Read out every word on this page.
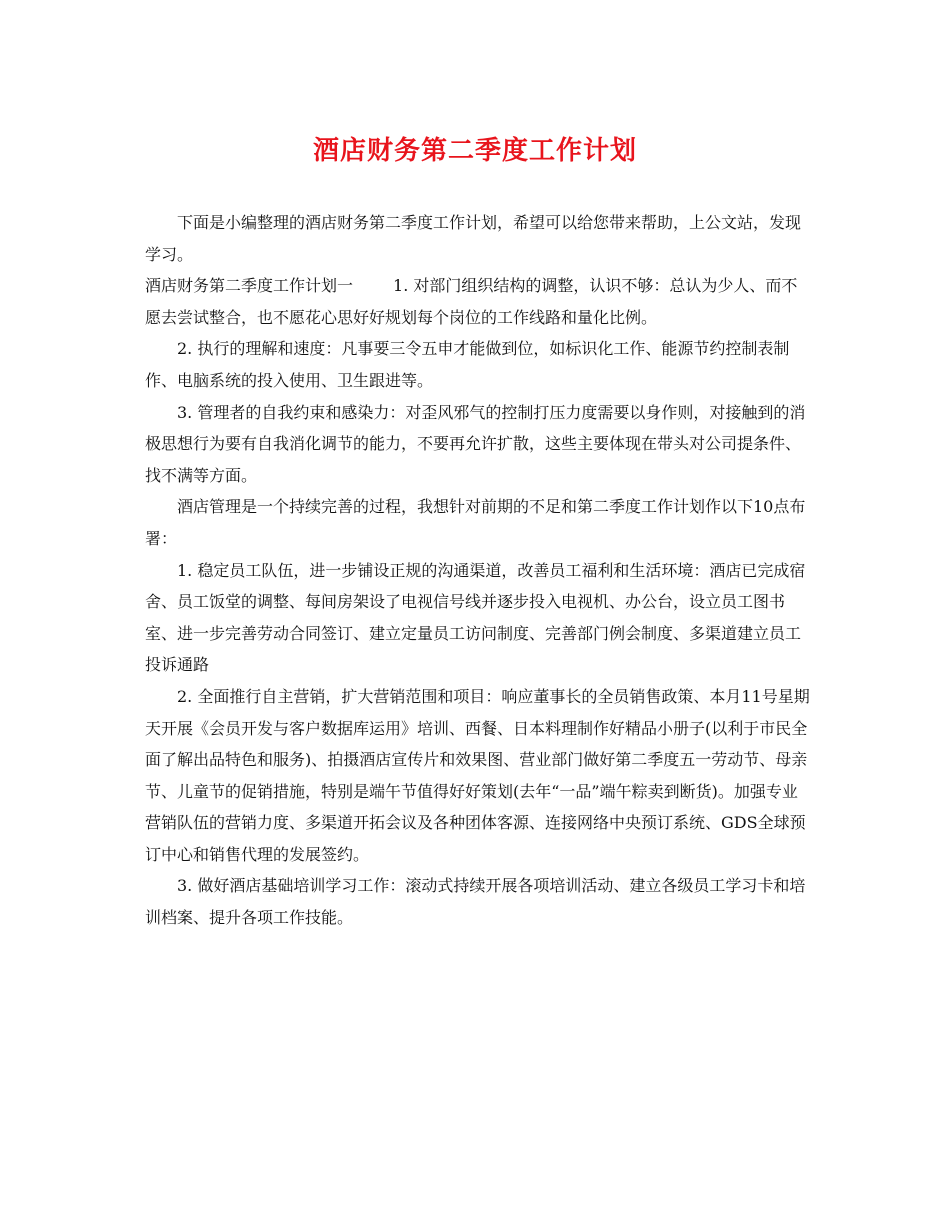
酒店财务第二季度工作计划

下面是小编整理的酒店财务第二季度工作计划，希望可以给您带来帮助，上公文站，发现学习。

酒店财务第二季度工作计划一	1. 对部门组织结构的调整，认识不够：总认为少人、而不愿去尝试整合，也不愿花心思好好规划每个岗位的工作线路和量化比例。

2. 执行的理解和速度：凡事要三令五申才能做到位，如标识化工作、能源节约控制表制作、电脑系统的投入使用、卫生跟进等。

3. 管理者的自我约束和感染力：对歪风邪气的控制打压力度需要以身作则，对接触到的消极思想行为要有自我消化调节的能力，不要再允许扩散，这些主要体现在带头对公司提条件、找不满等方面。

酒店管理是一个持续完善的过程，我想针对前期的不足和第二季度工作计划作以下10点布署：

1. 稳定员工队伍，进一步铺设正规的沟通渠道，改善员工福利和生活环境：酒店已完成宿舍、员工饭堂的调整、每间房架设了电视信号线并逐步投入电视机、办公台，设立员工图书室、进一步完善劳动合同签订、建立定量员工访问制度、完善部门例会制度、多渠道建立员工投诉通路

2. 全面推行自主营销，扩大营销范围和项目：响应董事长的全员销售政策、本月11号星期天开展《会员开发与客户数据库运用》培训、西餐、日本料理制作好精品小册子(以利于市民全面了解出品特色和服务)、拍摄酒店宣传片和效果图、营业部门做好第二季度五一劳动节、母亲节、儿童节的促销措施，特别是端午节值得好好策划(去年“一品”端午粽卖到断货)。加强专业营销队伍的营销力度、多渠道开拓会议及各种团体客源、连接网络中央预订系统、GDS全球预订中心和销售代理的发展签约。

3. 做好酒店基础培训学习工作：滚动式持续开展各项培训活动、建立各级员工学习卡和培训档案、提升各项工作技能。
